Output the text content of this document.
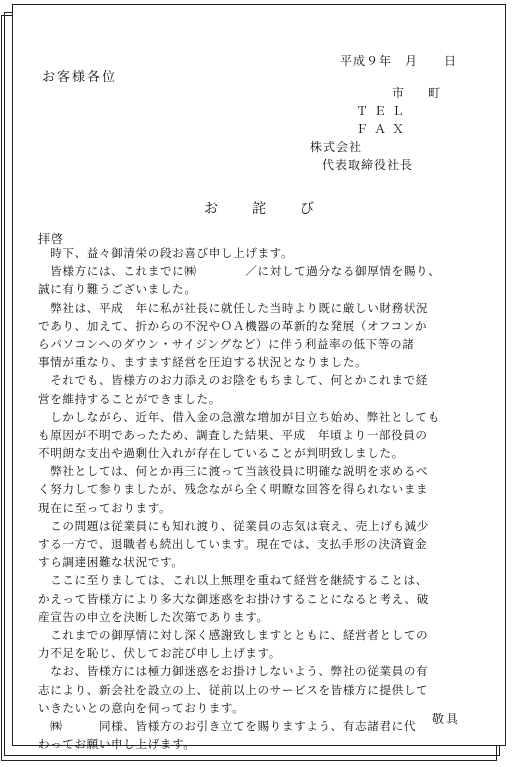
平成９年　月　　日
お客様各位
市　町
ＴＥＬ
ＦＡＸ
株式会社
代表取締役社長
お　詫　び
拝啓
　時下、益々御清栄の段お喜び申し上げます。
　皆様方には、これまでに㈱　　　　／に対して過分なる御厚情を賜り、
誠に有り難うございました。
　弊社は、平成　年に私が社長に就任した当時より既に厳しい財務状況
であり、加えて、折からの不況やＯＡ機器の革新的な発展（オフコンか
らパソコンへのダウン・サイジングなど）に伴う利益率の低下等の諸
事情が重なり、ますます経営を圧迫する状況となりました。
　それでも、皆様方のお力添えのお陰をもちまして、何とかこれまで経
営を維持することができました。
　しかしながら、近年、借入金の急激な増加が目立ち始め、弊社としても
も原因が不明であったため、調査した結果、平成　年頃より一部役員の
不明朗な支出や過剰仕入れが存在していることが判明致しました。
　弊社としては、何とか再三に渡って当該役員に明確な説明を求めるべ
く努力して参りましたが、残念ながら全く明瞭な回答を得られないまま
現在に至っております。
　この問題は従業員にも知れ渡り、従業員の志気は衰え、売上げも減少
する一方で、退職者も続出しています。現在では、支払手形の決済資金
すら調達困難な状況です。
　ここに至りましては、これ以上無理を重ねて経営を継続することは、
かえって皆様方により多大な御迷惑をお掛けすることになると考え、破
産宣告の申立を決断した次第であります。
　これまでの御厚情に対し深く感謝致しますとともに、経営者としての
力不足を恥じ、伏してお詫び申し上げます。
　なお、皆様方には極力御迷惑をお掛けしないよう、弊社の従業員の有
志により、新会社を設立の上、従前以上のサービスを皆様方に提供して
いきたいとの意向を伺っております。
　㈱　　　同様、皆様方のお引き立てを賜りますよう、有志諸君に代
わってお願い申し上げます。
敬具
